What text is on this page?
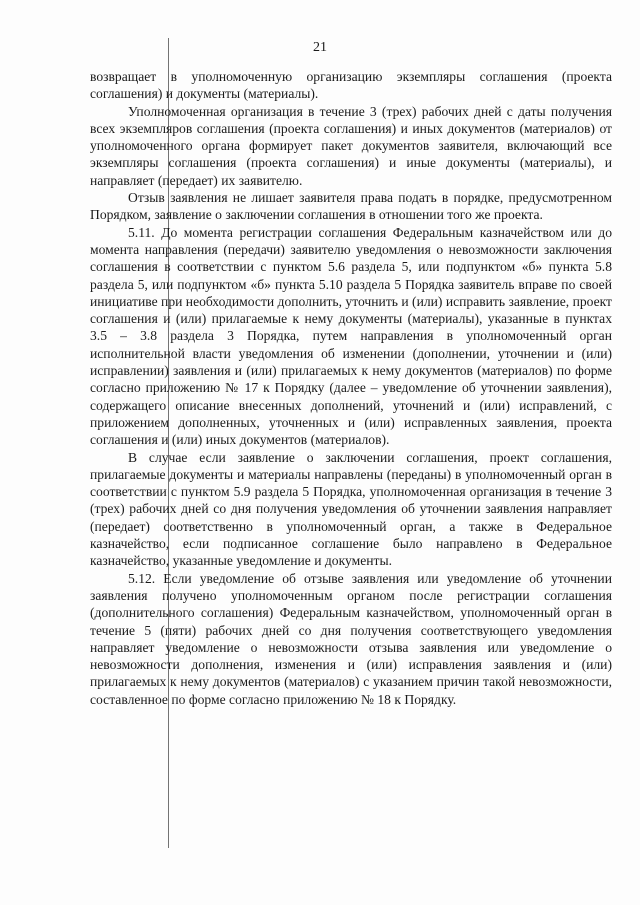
21

возвращает в уполномоченную организацию экземпляры соглашения (проекта соглашения) и документы (материалы).

Уполномоченная организация в течение 3 (трех) рабочих дней с даты получения всех экземпляров соглашения (проекта соглашения) и иных документов (материалов) от уполномоченного органа формирует пакет документов заявителя, включающий все экземпляры соглашения (проекта соглашения) и иные документы (материалы), и направляет (передает) их заявителю.

Отзыв заявления не лишает заявителя права подать в порядке, предусмотренном Порядком, заявление о заключении соглашения в отношении того же проекта.

5.11. До момента регистрации соглашения Федеральным казначейством или до момента направления (передачи) заявителю уведомления о невозможности заключения соглашения в соответствии с пунктом 5.6 раздела 5, или подпунктом «б» пункта 5.8 раздела 5, или подпунктом «б» пункта 5.10 раздела 5 Порядка заявитель вправе по своей инициативе при необходимости дополнить, уточнить и (или) исправить заявление, проект соглашения и (или) прилагаемые к нему документы (материалы), указанные в пунктах 3.5 – 3.8 раздела 3 Порядка, путем направления в уполномоченный орган исполнительной власти уведомления об изменении (дополнении, уточнении и (или) исправлении) заявления и (или) прилагаемых к нему документов (материалов) по форме согласно приложению № 17 к Порядку (далее – уведомление об уточнении заявления), содержащего описание внесенных дополнений, уточнений и (или) исправлений, с приложением дополненных, уточненных и (или) исправленных заявления, проекта соглашения и (или) иных документов (материалов).

В случае если заявление о заключении соглашения, проект соглашения, прилагаемые документы и материалы направлены (переданы) в уполномоченный орган в соответствии с пунктом 5.9 раздела 5 Порядка, уполномоченная организация в течение 3 (трех) рабочих дней со дня получения уведомления об уточнении заявления направляет (передает) соответственно в уполномоченный орган, а также в Федеральное казначейство, если подписанное соглашение было направлено в Федеральное казначейство, указанные уведомление и документы.

5.12. Если уведомление об отзыве заявления или уведомление об уточнении заявления получено уполномоченным органом после регистрации соглашения (дополнительного соглашения) Федеральным казначейством, уполномоченный орган в течение 5 (пяти) рабочих дней со дня получения соответствующего уведомления направляет уведомление о невозможности отзыва заявления или уведомление о невозможности дополнения, изменения и (или) исправления заявления и (или) прилагаемых к нему документов (материалов) с указанием причин такой невозможности, составленное по форме согласно приложению № 18 к Порядку.
